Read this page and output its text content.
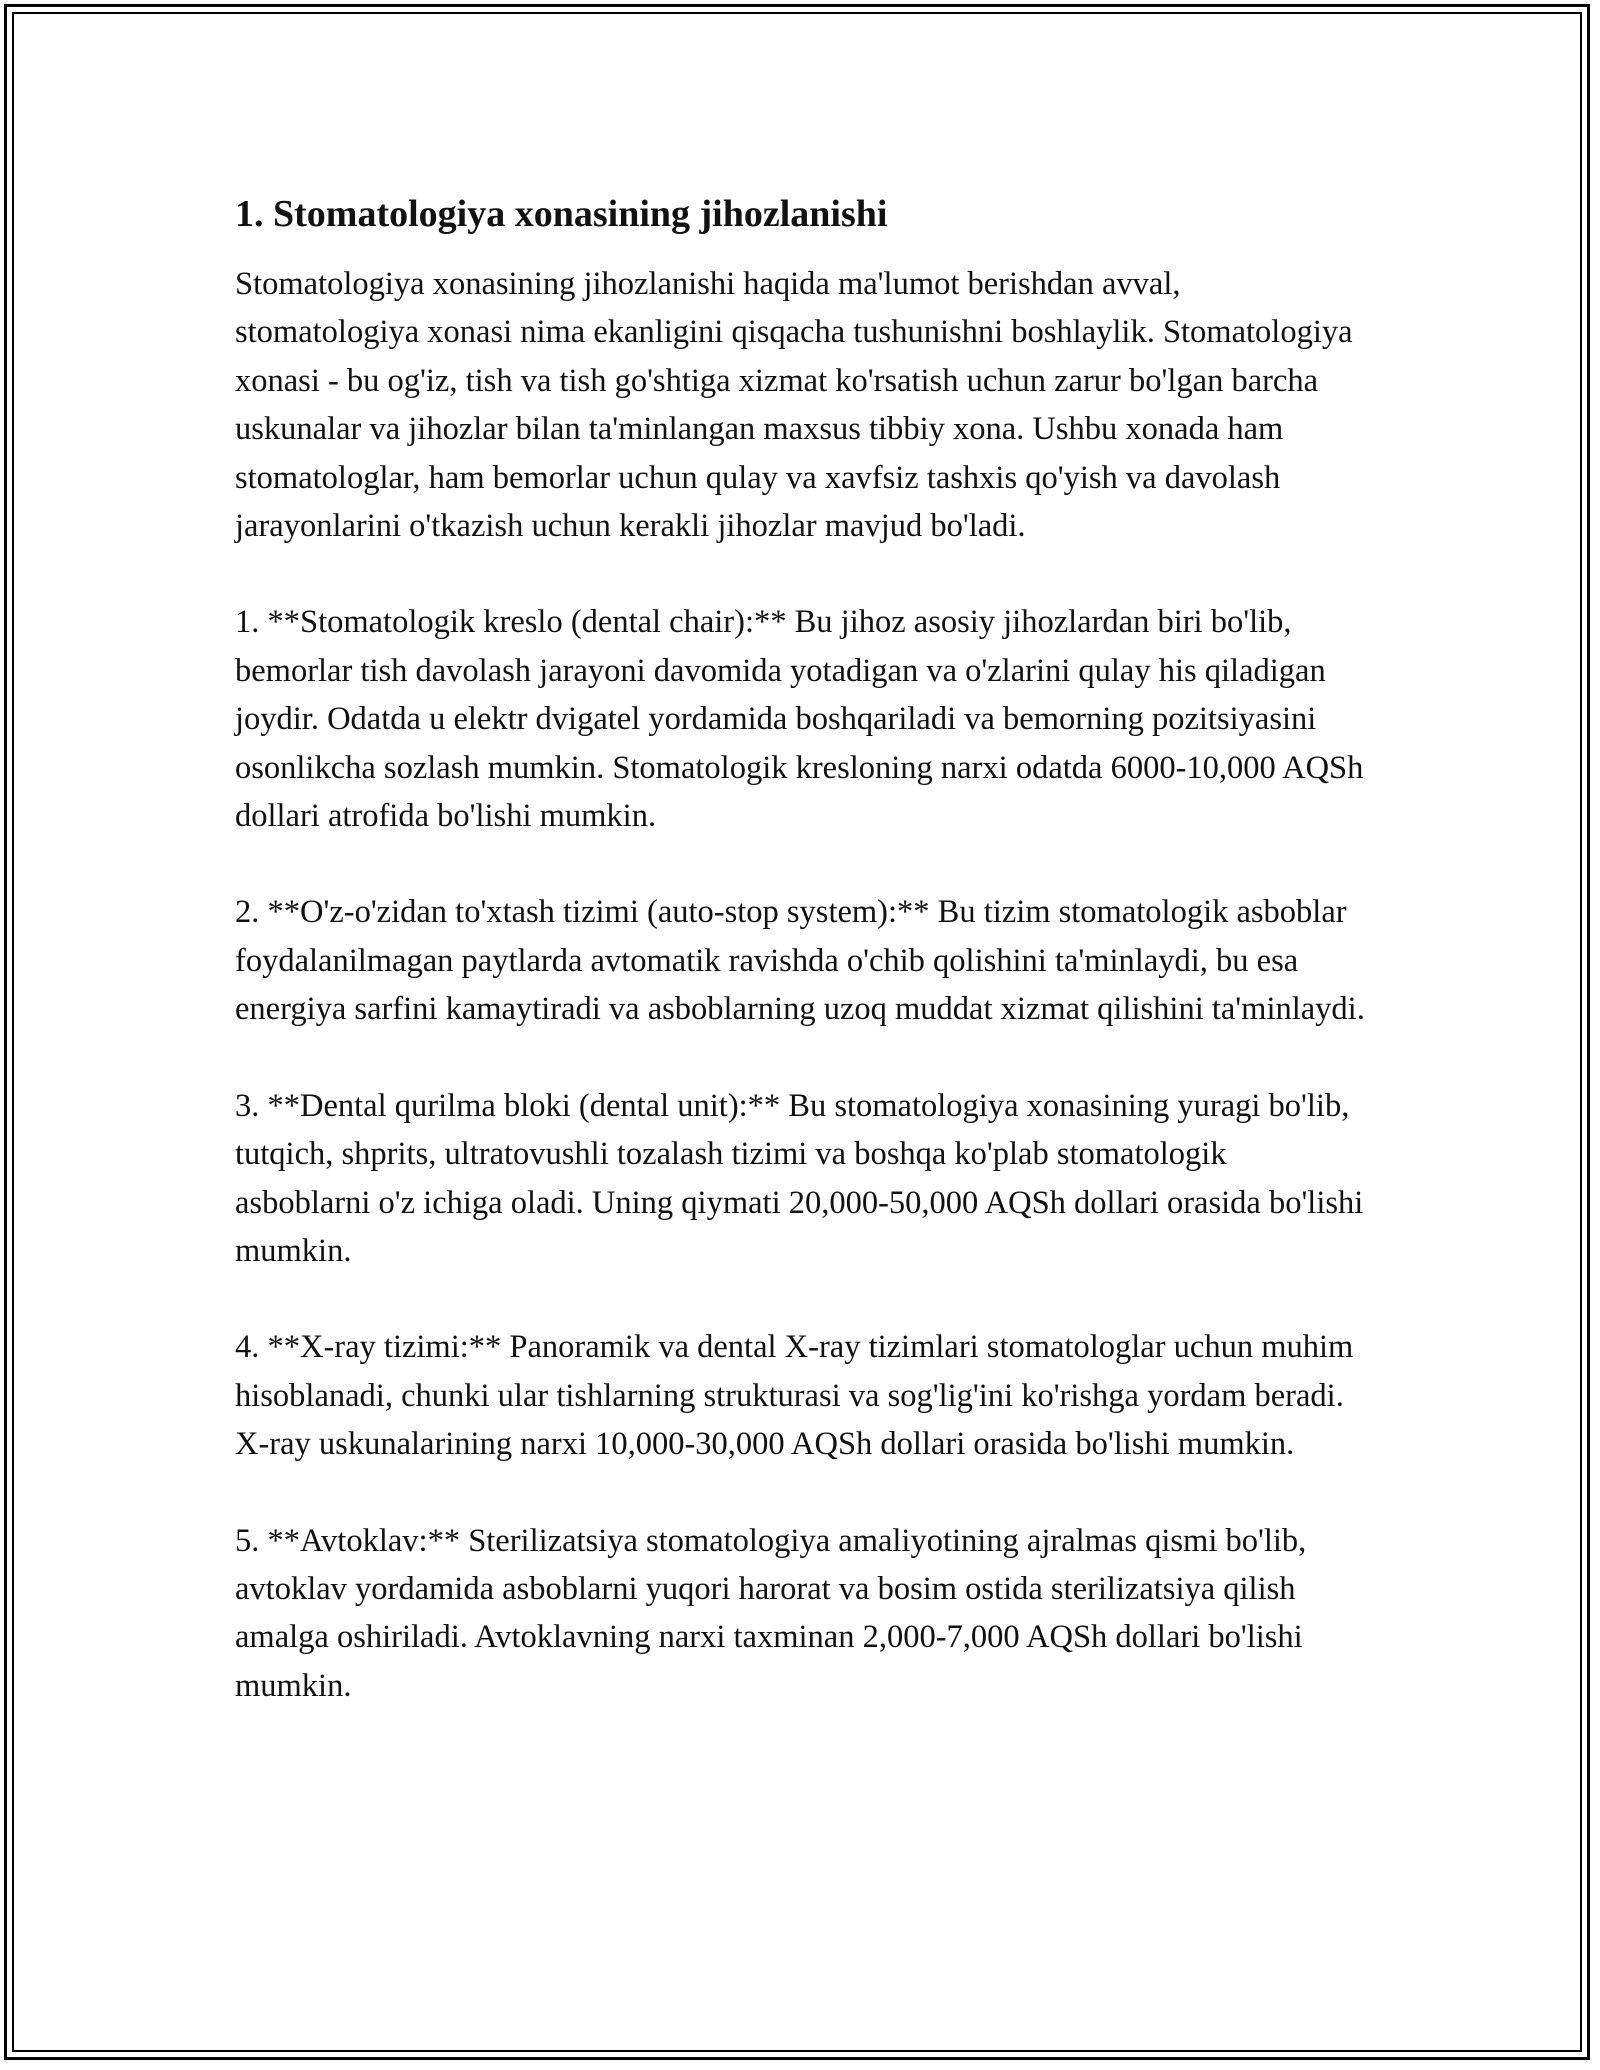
1. Stomatologiya xonasining jihozlanishi

Stomatologiya xonasining jihozlanishi haqida ma'lumot berishdan avval, stomatologiya xonasi nima ekanligini qisqacha tushunishni boshlaylik. Stomatologiya xonasi - bu og'iz, tish va tish go'shtiga xizmat ko'rsatish uchun zarur bo'lgan barcha uskunalar va jihozlar bilan ta'minlangan maxsus tibbiy xona. Ushbu xonada ham stomatologlar, ham bemorlar uchun qulay va xavfsiz tashxis qo'yish va davolash jarayonlarini o'tkazish uchun kerakli jihozlar mavjud bo'ladi.

1. **Stomatologik kreslo (dental chair):** Bu jihoz asosiy jihozlardan biri bo'lib, bemorlar tish davolash jarayoni davomida yotadigan va o'zlarini qulay his qiladigan joydir. Odatda u elektr dvigatel yordamida boshqariladi va bemorning pozitsiyasini osonlikcha sozlash mumkin. Stomatologik kresloning narxi odatda 6000-10,000 AQSh dollari atrofida bo'lishi mumkin.

2. **O'z-o'zidan to'xtash tizimi (auto-stop system):** Bu tizim stomatologik asboblar foydalanilmagan paytlarda avtomatik ravishda o'chib qolishini ta'minlaydi, bu esa energiya sarfini kamaytiradi va asboblarning uzoq muddat xizmat qilishini ta'minlaydi.

3. **Dental qurilma bloki (dental unit):** Bu stomatologiya xonasining yuragi bo'lib, tutqich, shprits, ultratovushli tozalash tizimi va boshqa ko'plab stomatologik asboblarni o'z ichiga oladi. Uning qiymati 20,000-50,000 AQSh dollari orasida bo'lishi mumkin.

4. **X-ray tizimi:** Panoramik va dental X-ray tizimlari stomatologlar uchun muhim hisoblanadi, chunki ular tishlarning strukturasi va sog'lig'ini ko'rishga yordam beradi. X-ray uskunalarining narxi 10,000-30,000 AQSh dollari orasida bo'lishi mumkin.

5. **Avtoklav:** Sterilizatsiya stomatologiya amaliyotining ajralmas qismi bo'lib, avtoklav yordamida asboblarni yuqori harorat va bosim ostida sterilizatsiya qilish amalga oshiriladi. Avtoklavning narxi taxminan 2,000-7,000 AQSh dollari bo'lishi mumkin.
